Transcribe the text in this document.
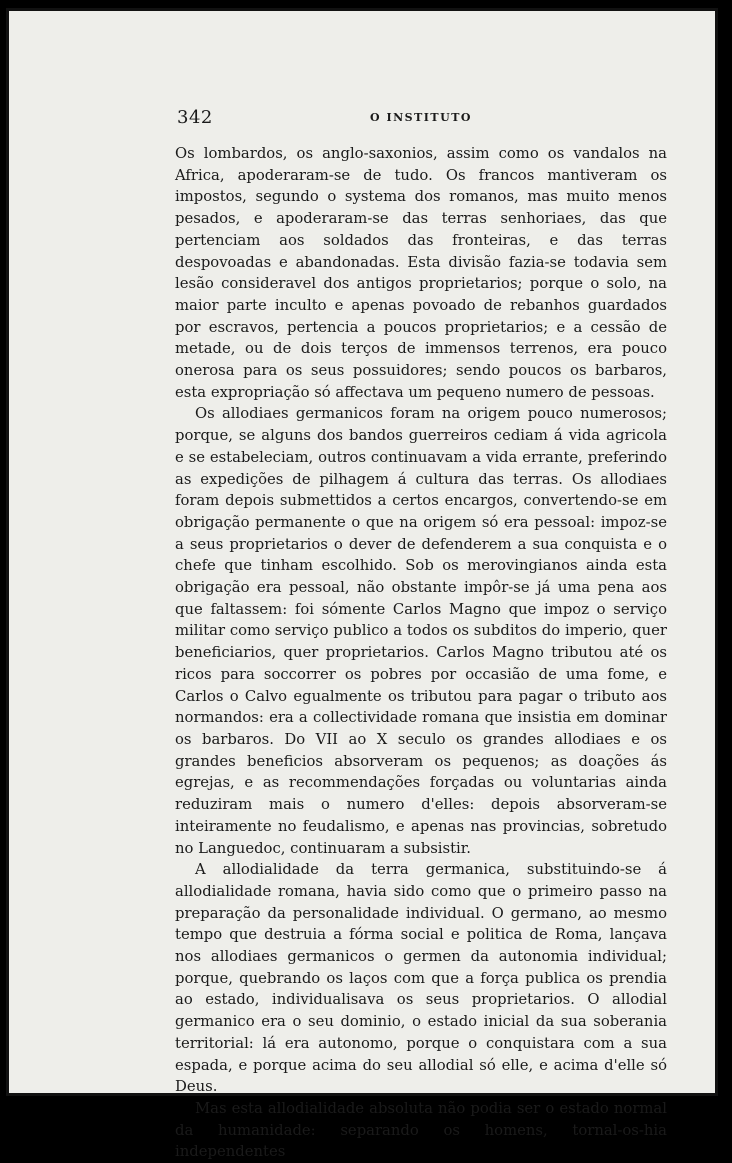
342	O INSTITUTO

Os lombardos, os anglo-saxonios, assim como os vandalos na Africa, apoderaram-se de tudo. Os francos mantiveram os impostos, segundo o systema dos romanos, mas muito menos pesados, e apoderaram-se das terras senhoriaes, das que pertenciam aos soldados das fronteiras, e das terras despovoadas e abandonadas. Esta divisão fazia-se todavia sem lesão consideravel dos antigos proprietarios; porque o solo, na maior parte inculto e apenas povoado de rebanhos guardados por escravos, pertencia a poucos proprietarios; e a cessão de metade, ou de dois terços de immensos terrenos, era pouco onerosa para os seus possuidores; sendo poucos os barbaros, esta expropriação só affectava um pequeno numero de pessoas.

Os allodiaes germanicos foram na origem pouco numerosos; porque, se alguns dos bandos guerreiros cediam á vida agricola e se estabeleciam, outros continuavam a vida errante, preferindo as expedições de pilhagem á cultura das terras. Os allodiaes foram depois submettidos a certos encargos, convertendo-se em obrigação permanente o que na origem só era pessoal: impoz-se a seus proprietarios o dever de defenderem a sua conquista e o chefe que tinham escolhido. Sob os merovingianos ainda esta obrigação era pessoal, não obstante impôr-se já uma pena aos que faltassem: foi sómente Carlos Magno que impoz o serviço militar como serviço publico a todos os subditos do imperio, quer beneficiarios, quer proprietarios. Carlos Magno tributou até os ricos para soccorrer os pobres por occasião de uma fome, e Carlos o Calvo egualmente os tributou para pagar o tributo aos normandos: era a collectividade romana que insistia em dominar os barbaros. Do VII ao X seculo os grandes allodiaes e os grandes beneficios absorveram os pequenos; as doações ás egrejas, e as recommendações forçadas ou voluntarias ainda reduziram mais o numero d'elles: depois absorveram-se inteiramente no feudalismo, e apenas nas provincias, sobretudo no Languedoc, continuaram a subsistir.

A allodialidade da terra germanica, substituindo-se á allodialidade romana, havia sido como que o primeiro passo na preparação da personalidade individual. O germano, ao mesmo tempo que destruia a fórma social e politica de Roma, lançava nos allodiaes germanicos o germen da autonomia individual; porque, quebrando os laços com que a força publica os prendia ao estado, individualisava os seus proprietarios. O allodial germanico era o seu dominio, o estado inicial da sua soberania territorial: lá era autonomo, porque o conquistara com a sua espada, e porque acima do seu allodial só elle, e acima d'elle só Deus.

Mas esta allodialidade absoluta não podia ser o estado normal da humanidade: separando os homens, tornal-os-hia independentes
